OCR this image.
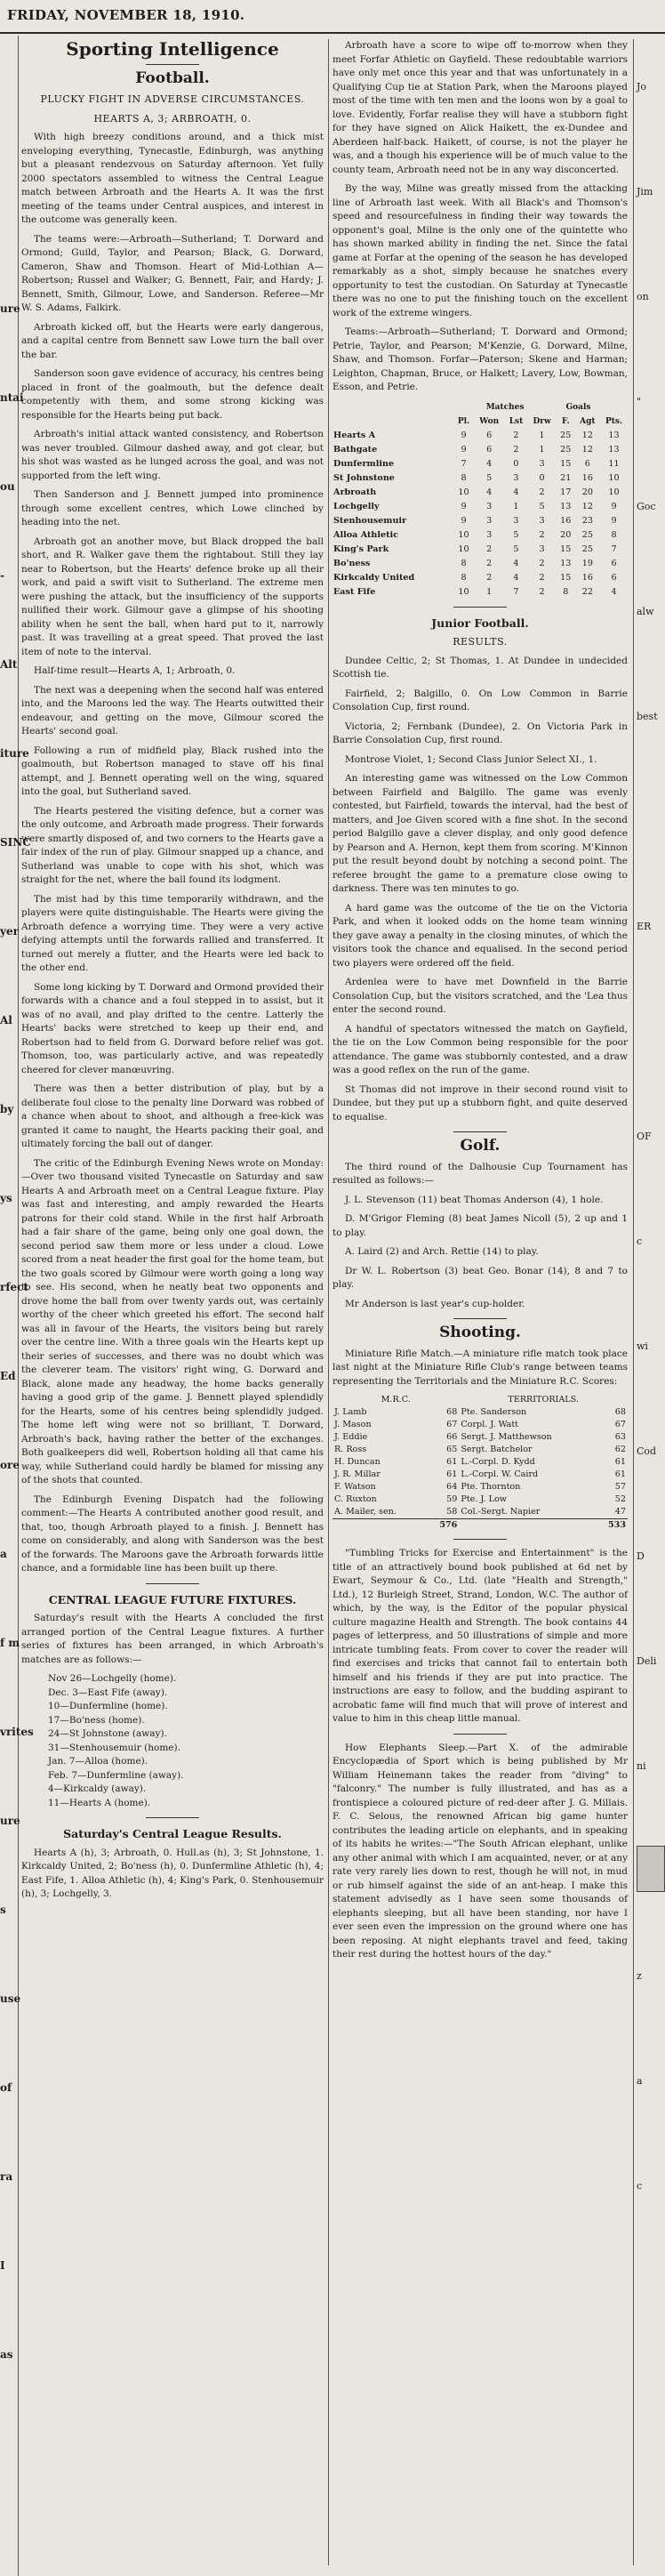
FRIDAY, NOVEMBER 18, 1910.
ure
ntai
ou
-
Alt
iture
SINC
yer
Al
by
ys
rfect
Ed
ore
a
f m
vrites
ure
s
use
of
ra
I
as
Jo
Jim
on
"
Goc
alw
best
ER
OF
c
wi
Cod
D
Deli
ni
z
a
c
Sporting Intelligence
Football.
PLUCKY FIGHT IN ADVERSE CIRCUMSTANCES.
HEARTS A, 3; ARBROATH, 0.

With high breezy conditions around, and a thick mist enveloping everything, Tynecastle, Edinburgh, was anything but a pleasant rendezvous on Saturday afternoon. Yet fully 2000 spectators assembled to witness the Central League match between Arbroath and the Hearts A. It was the first meeting of the teams under Central auspices, and interest in the outcome was generally keen.

The teams were:—Arbroath—Sutherland; T. Dorward and Ormond; Guild, Taylor, and Pearson; Black, G. Dorward, Cameron, Shaw and Thomson. Heart of Mid-Lothian A—Robertson; Russel and Walker; G. Bennett, Fair, and Hardy; J. Bennett, Smith, Gilmour, Lowe, and Sanderson. Referee—Mr W. S. Adams, Falkirk.

Arbroath kicked off, but the Hearts were early dangerous, and a capital centre from Bennett saw Lowe turn the ball over the bar.

Sanderson soon gave evidence of accuracy, his centres being placed in front of the goalmouth, but the defence dealt competently with them, and some strong kicking was responsible for the Hearts being put back.

Arbroath's initial attack wanted consistency, and Robertson was never troubled. Gilmour dashed away, and got clear, but his shot was wasted as he lunged across the goal, and was not supported from the left wing.

Then Sanderson and J. Bennett jumped into prominence through some excellent centres, which Lowe clinched by heading into the net.

Arbroath got an another move, but Black dropped the ball short, and R. Walker gave them the rightabout. Still they lay near to Robertson, but the Hearts' defence broke up all their work, and paid a swift visit to Sutherland. The extreme men were pushing the attack, but the insufficiency of the supports nullified their work. Gilmour gave a glimpse of his shooting ability when he sent the ball, when hard put to it, narrowly past. It was travelling at a great speed. That proved the last item of note to the interval.

Half-time result—Hearts A, 1; Arbroath, 0.

The next was a deepening when the second half was entered into, and the Maroons led the way. The Hearts outwitted their endeavour, and getting on the move, Gilmour scored the Hearts' second goal.

Following a run of midfield play, Black rushed into the goalmouth, but Robertson managed to stave off his final attempt, and J. Bennett operating well on the wing, squared into the goal, but Sutherland saved.

The Hearts pestered the visiting defence, but a corner was the only outcome, and Arbroath made progress. Their forwards were smartly disposed of, and two corners to the Hearts gave a fair index of the run of play. Gilmour snapped up a chance, and Sutherland was unable to cope with his shot, which was straight for the net, where the ball found its lodgment.

The mist had by this time temporarily withdrawn, and the players were quite distinguishable. The Hearts were giving the Arbroath defence a worrying time. They were a very active defying attempts until the forwards rallied and transferred. It turned out merely a flutter, and the Hearts were led back to the other end.

Some long kicking by T. Dorward and Ormond provided their forwards with a chance and a foul stepped in to assist, but it was of no avail, and play drifted to the centre. Latterly the Hearts' backs were stretched to keep up their end, and Robertson had to field from G. Dorward before relief was got. Thomson, too, was particularly active, and was repeatedly cheered for clever manœuvring.

There was then a better distribution of play, but by a deliberate foul close to the penalty line Dorward was robbed of a chance when about to shoot, and although a free-kick was granted it came to naught, the Hearts packing their goal, and ultimately forcing the ball out of danger.

The critic of the Edinburgh Evening News wrote on Monday:—Over two thousand visited Tynecastle on Saturday and saw Hearts A and Arbroath meet on a Central League fixture. Play was fast and interesting, and amply rewarded the Hearts patrons for their cold stand. While in the first half Arbroath had a fair share of the game, being only one goal down, the second period saw them more or less under a cloud. Lowe scored from a neat header the first goal for the home team, but the two goals scored by Gilmour were worth going a long way to see. His second, when he neatly beat two opponents and drove home the ball from over twenty yards out, was certainly worthy of the cheer which greeted his effort. The second half was all in favour of the Hearts, the visitors being but rarely over the centre line. With a three goals win the Hearts kept up their series of successes, and there was no doubt which was the cleverer team. The visitors' right wing, G. Dorward and Black, alone made any headway, the home backs generally having a good grip of the game. J. Bennett played splendidly for the Hearts, some of his centres being splendidly judged. The home left wing were not so brilliant, T. Dorward, Arbroath's back, having rather the better of the exchanges. Both goalkeepers did well, Robertson holding all that came his way, while Sutherland could hardly be blamed for missing any of the shots that counted.

The Edinburgh Evening Dispatch had the following comment:—The Hearts A contributed another good result, and that, too, though Arbroath played to a finish. J. Bennett has come on considerably, and along with Sanderson was the best of the forwards. The Maroons gave the Arbroath forwards little chance, and a formidable line has been built up there.

CENTRAL LEAGUE FUTURE FIXTURES.

Saturday's result with the Hearts A concluded the first arranged portion of the Central League fixtures. A further series of fixtures has been arranged, in which Arbroath's matches are as follows:—

Nov 26—Lochgelly (home).
Dec. 3—East Fife (away).
10—Dunfermline (home).
17—Bo'ness (home).
24—St Johnstone (away).
31—Stenhousemuir (home).
Jan. 7—Alloa (home).
Feb. 7—Dunfermline (away).
4—Kirkcaldy (away).
11—Hearts A (home).
Saturday's Central League Results.

Hearts A (h), 3; Arbroath, 0. Hull.as (h), 3; St Johnstone, 1. Kirkcaldy United, 2; Bo'ness (h), 0. Dunfermline Athletic (h), 4; East Fife, 1. Alloa Athletic (h), 4; King's Park, 0. Stenhousemuir (h), 3; Lochgelly, 3.

Arbroath have a score to wipe off to-morrow when they meet Forfar Athletic on Gayfield. These redoubtable warriors have only met once this year and that was unfortunately in a Qualifying Cup tie at Station Park, when the Maroons played most of the time with ten men and the loons won by a goal to love. Evidently, Forfar realise they will have a stubborn fight for they have signed on Alick Haikett, the ex-Dundee and Aberdeen half-back. Haikett, of course, is not the player he was, and a though his experience will be of much value to the county team, Arbroath need not be in any way disconcerted.

By the way, Milne was greatly missed from the attacking line of Arbroath last week. With all Black's and Thomson's speed and resourcefulness in finding their way towards the opponent's goal, Milne is the only one of the quintette who has shown marked ability in finding the net. Since the fatal game at Forfar at the opening of the season he has developed remarkably as a shot, simply because he snatches every opportunity to test the custodian. On Saturday at Tynecastle there was no one to put the finishing touch on the excellent work of the extreme wingers.

Teams:—Arbroath—Sutherland; T. Dorward and Ormond; Petrie, Taylor, and Pearson; M'Kenzie, G. Dorward, Milne, Shaw, and Thomson. Forfar—Paterson; Skene and Harman; Leighton, Chapman, Bruce, or Halkett; Lavery, Low, Bowman, Esson, and Petrie.

	Matches				Goals		
	Pl.	Won	Lst	Drw	F.	Agt	Pts.
Hearts A	9	6	2	1	25	12	13
Bathgate	9	6	2	1	25	12	13
Dunfermline	7	4	0	3	15	6	11
St Johnstone	8	5	3	0	21	16	10
Arbroath	10	4	4	2	17	20	10
Lochgelly	9	3	1	5	13	12	9
Stenhousemuir	9	3	3	3	16	23	9
Alloa Athletic	10	3	5	2	20	25	8
King's Park	10	2	5	3	15	25	7
Bo'ness	8	2	4	2	13	19	6
Kirkcaldy United	8	2	4	2	15	16	6
East Fife	10	1	7	2	8	22	4
Junior Football.
RESULTS.

Dundee Celtic, 2; St Thomas, 1. At Dundee in undecided Scottish tie.

Fairfield, 2; Balgillo, 0. On Low Common in Barrie Consolation Cup, first round.

Victoria, 2; Fernbank (Dundee), 2. On Victoria Park in Barrie Consolation Cup, first round.

Montrose Violet, 1; Second Class Junior Select XI., 1.

An interesting game was witnessed on the Low Common between Fairfield and Balgillo. The game was evenly contested, but Fairfield, towards the interval, had the best of matters, and Joe Given scored with a fine shot. In the second period Balgillo gave a clever display, and only good defence by Pearson and A. Hernon, kept them from scoring. M'Kinnon put the result beyond doubt by notching a second point. The referee brought the game to a premature close owing to darkness. There was ten minutes to go.

A hard game was the outcome of the tie on the Victoria Park, and when it looked odds on the home team winning they gave away a penalty in the closing minutes, of which the visitors took the chance and equalised. In the second period two players were ordered off the field.

Ardenlea were to have met Downfield in the Barrie Consolation Cup, but the visitors scratched, and the 'Lea thus enter the second round.

A handful of spectators witnessed the match on Gayfield, the tie on the Low Common being responsible for the poor attendance. The game was stubbornly contested, and a draw was a good reflex on the run of the game.

St Thomas did not improve in their second round visit to Dundee, but they put up a stubborn fight, and quite deserved to equalise.

Golf.

The third round of the Dalhousie Cup Tournament has resulted as follows:—

J. L. Stevenson (11) beat Thomas Anderson (4), 1 hole.

D. M'Grigor Fleming (8) beat James Nicoll (5), 2 up and 1 to play.

A. Laird (2) and Arch. Rettie (14) to play.

Dr W. L. Robertson (3) beat Geo. Bonar (14), 8 and 7 to play.

Mr Anderson is last year's cup-holder.

Shooting.

Miniature Rifle Match.—A miniature rifle match took place last night at the Miniature Rifle Club's range between teams representing the Territorials and the Miniature R.C. Scores:

M.R.C.		TERRITORIALS.	
J. Lamb	68	Pte. Sanderson	68
J. Mason	67	Corpl. J. Watt	67
J. Eddie	66	Sergt. J. Matthewson	63
R. Ross	65	Sergt. Batchelor	62
H. Duncan	61	L.-Corpl. D. Kydd	61
J. R. Millar	61	L.-Corpl. W. Caird	61
F. Watson	64	Pte. Thornton	57
C. Ruxton	59	Pte. J. Low	52
A. Mailer, sen.	58	Col.-Sergt. Napier	47
	576		533

"Tumbling Tricks for Exercise and Entertainment" is the title of an attractively bound book published at 6d net by Ewart, Seymour & Co., Ltd. (late "Health and Strength," Ltd.), 12 Burleigh Street, Strand, London, W.C. The author of which, by the way, is the Editor of the popular physical culture magazine Health and Strength. The book contains 44 pages of letterpress, and 50 illustrations of simple and more intricate tumbling feats. From cover to cover the reader will find exercises and tricks that cannot fail to entertain both himself and his friends if they are put into practice. The instructions are easy to follow, and the budding aspirant to acrobatic fame will find much that will prove of interest and value to him in this cheap little manual.

How Elephants Sleep.—Part X. of the admirable Encyclopædia of Sport which is being published by Mr William Heinemann takes the reader from "diving" to "falconry." The number is fully illustrated, and has as a frontispiece a coloured picture of red-deer after J. G. Millais. F. C. Selous, the renowned African big game hunter contributes the leading article on elephants, and in speaking of its habits he writes:—"The South African elephant, unlike any other animal with which I am acquainted, never, or at any rate very rarely lies down to rest, though he will not, in mud or rub himself against the side of an ant-heap. I make this statement advisedly as I have seen some thousands of elephants sleeping, but all have been standing, nor have I ever seen even the impression on the ground where one has been reposing. At night elephants travel and feed, taking their rest during the hottest hours of the day."
